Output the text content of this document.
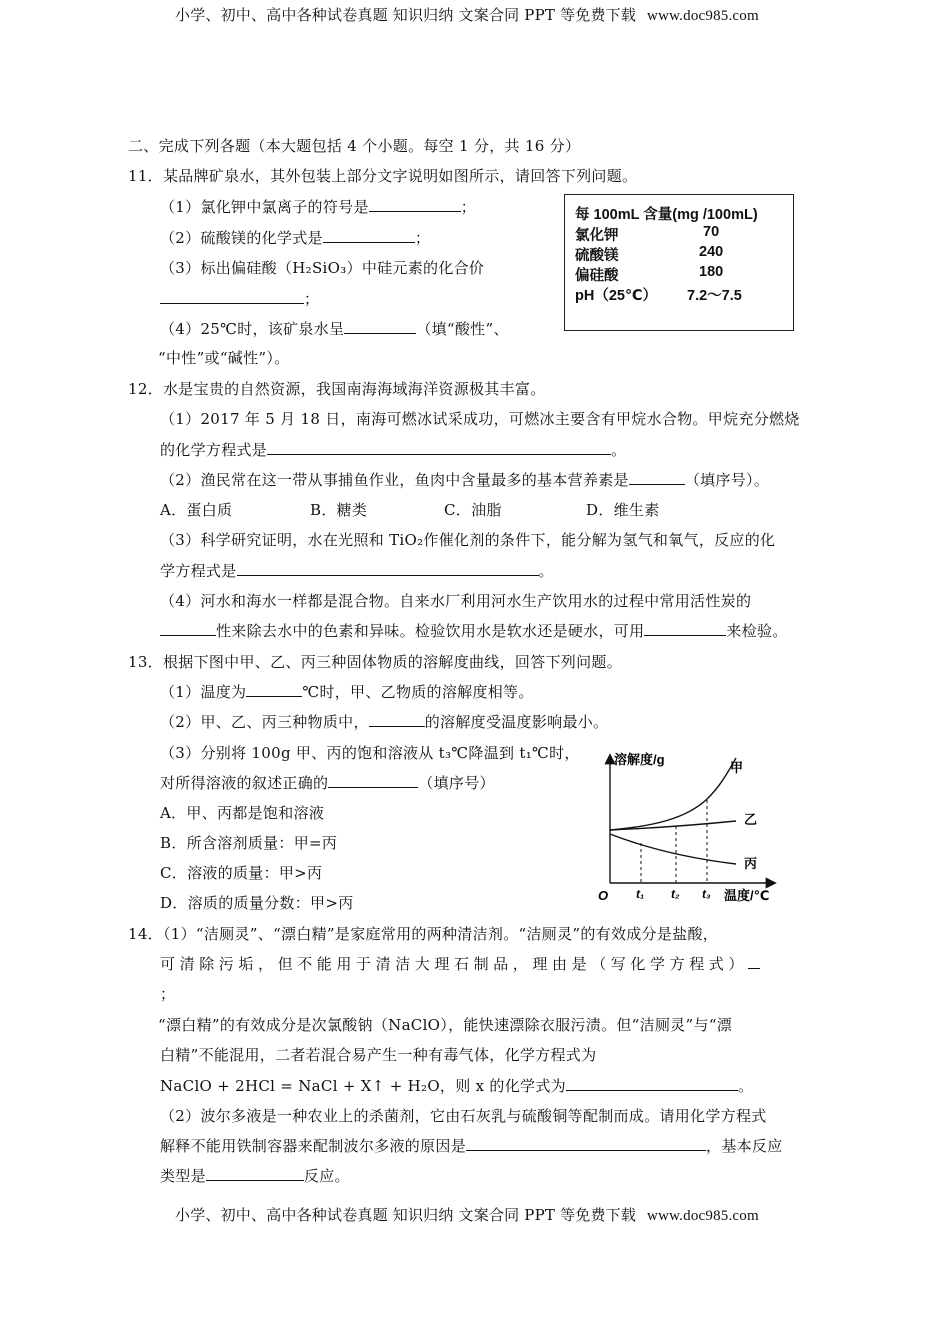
小学、初中、高中各种试卷真题 知识归纳 文案合同 PPT 等免费下载 www.doc985.com
二、完成下列各题（本大题包括 4 个小题。每空 1 分，共 16 分）
11．某品牌矿泉水，其外包装上部分文字说明如图所示，请回答下列问题。
（1）氯化钾中氯离子的符号是	；
（2）硫酸镁的化学式是	；
（3）标出偏硅酸（H₂SiO₃）中硅元素的化合价
；
（4）25℃时，该矿泉水呈	（填“酸性”、
“中性”或“碱性”）。
每 100mL 含量(mg /100mL)
氯化钾	70
硫酸镁	240
偏硅酸	180
pH（25℃） 7.2～7.5
12．水是宝贵的自然资源，我国南海海域海洋资源极其丰富。
（1）2017 年 5 月 18 日，南海可燃冰试采成功，可燃冰主要含有甲烷水合物。甲烷充分燃烧
的化学方程式是	。
（2）渔民常在这一带从事捕鱼作业，鱼肉中含量最多的基本营养素是	（填序号）。
A．蛋白质	B．糖类	C．油脂	D．维生素
（3）科学研究证明，水在光照和 TiO₂作催化剂的条件下，能分解为氢气和氧气，反应的化
学方程式是	。
（4）河水和海水一样都是混合物。自来水厂利用河水生产饮用水的过程中常用活性炭的
性来除去水中的色素和异味。检验饮用水是软水还是硬水，可用	来检验。
13．根据下图中甲、乙、丙三种固体物质的溶解度曲线，回答下列问题。
（1）温度为	℃时，甲、乙物质的溶解度相等。
（2）甲、乙、丙三种物质中，	的溶解度受温度影响最小。
（3）分别将 100g 甲、丙的饱和溶液从 t₃℃降温到 t₁℃时，
对所得溶液的叙述正确的	（填序号）
A．甲、丙都是饱和溶液
B．所含溶剂质量：甲=丙
C．溶液的质量：甲>丙
D．溶质的质量分数：甲>丙
溶解度/g
温度/℃
O t₁ t₂ t₃
甲
乙
丙
14．（1）“洁厕灵”、“漂白精”是家庭常用的两种清洁剂。“洁厕灵”的有效成分是盐酸，
可清除污垢，但不能用于清洁大理石制品，理由是（写化学方程式）
；
“漂白精”的有效成分是次氯酸钠（NaClO），能快速漂除衣服污渍。但“洁厕灵”与“漂
白精”不能混用，二者若混合易产生一种有毒气体，化学方程式为
NaClO + 2HCl = NaCl + X↑ + H₂O，则 x 的化学式为	。
（2）波尔多液是一种农业上的杀菌剂，它由石灰乳与硫酸铜等配制而成。请用化学方程式
解释不能用铁制容器来配制波尔多液的原因是	，基本反应
类型是	反应。
小学、初中、高中各种试卷真题 知识归纳 文案合同 PPT 等免费下载 www.doc985.com
